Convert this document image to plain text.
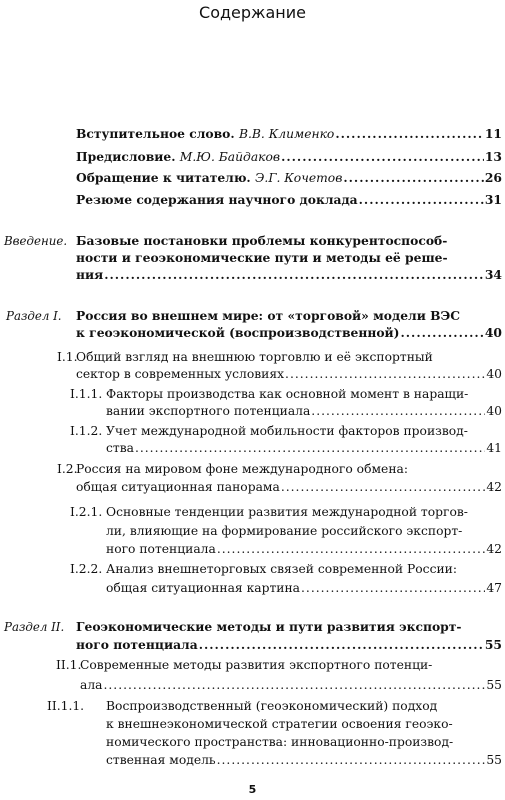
Содержание
Вступительное слово.
В.В. Клименко .....	11
Предисловие.
М.Ю. Байдаков .....	13
Обращение к читателю.
Э.Г. Кочетов .....	26
Резюме содержания научного доклада .....	31
Введение. Базовые постановки проблемы конкурентоспособ-
ности и геоэкономические пути и методы её реше-
ния .....	34
Раздел I. Россия во внешнем мире: от «торговой» модели ВЭС
к геоэкономической (воспроизводственной) .....	40
I.1.
Общий взгляд на внешнюю торговлю и её экспортный
сектор в современных условиях .....	40
I.1.1. Факторы производства как основной момент в наращи-
вании экспортного потенциала .....	40
I.1.2. Учет международной мобильности факторов производ-
ства .....	41
I.2.
Россия на мировом фоне международного обмена:
общая ситуационная панорама .....	42
I.2.1. Основные тенденции развития международной торгов-
ли, влияющие на формирование российского экспорт-
ного потенциала .....	42
I.2.2. Анализ внешнеторговых связей современной России:
общая ситуационная картина .....	47
Раздел II. Геоэкономические методы и пути развития экспорт-
ного потенциала .....	55
II.1.
Современные методы развития экспортного потенци-
ала .....	55
II.1.1. Воспроизводственный (геоэкономический) подход
к внешнеэкономической стратегии освоения геоэко-
номического пространства: инновационно-производ-
ственная модель .....	55
5
